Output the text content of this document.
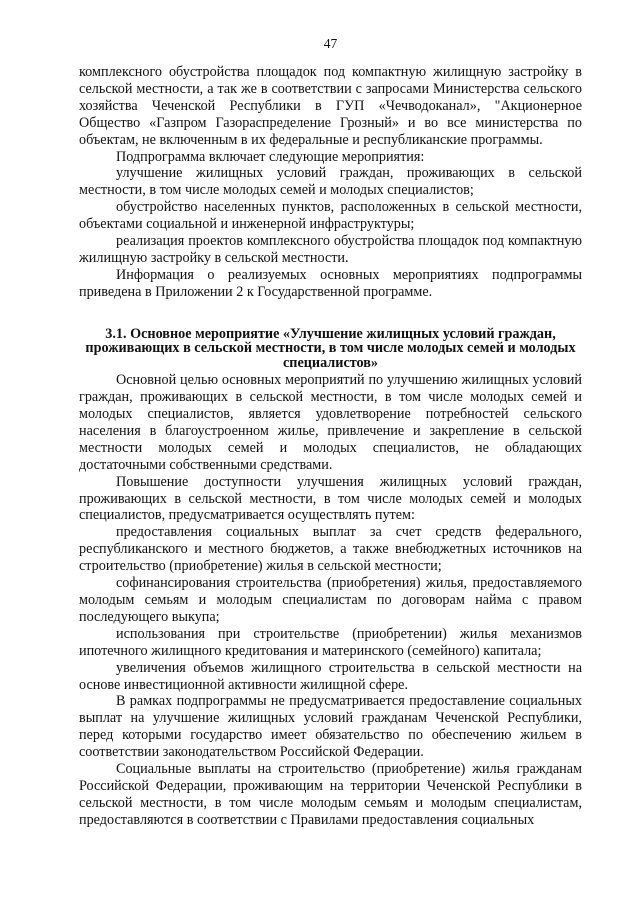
47

комплексного обустройства площадок под компактную жилищную застройку в сельской местности, а так же в соответствии с запросами Министерства сельского хозяйства Чеченской Республики в ГУП «Чечводоканал», "Акционерное Общество «Газпром Газораспределение Грозный» и во все министерства по объектам, не включенным в их федеральные и республиканские программы.

Подпрограмма включает следующие мероприятия:

улучшение жилищных условий граждан, проживающих в сельской местности, в том числе молодых семей и молодых специалистов;

обустройство населенных пунктов, расположенных в сельской местности, объектами социальной и инженерной инфраструктуры;

реализация проектов комплексного обустройства площадок под компактную жилищную застройку в сельской местности.

Информация о реализуемых основных мероприятиях подпрограммы приведена в Приложении 2 к Государственной программе.

3.1. Основное мероприятие «Улучшение жилищных условий граждан, проживающих в сельской местности, в том числе молодых семей и молодых специалистов»

Основной целью основных мероприятий по улучшению жилищных условий граждан, проживающих в сельской местности, в том числе молодых семей и молодых специалистов, является удовлетворение потребностей сельского населения в благоустроенном жилье, привлечение и закрепление в сельской местности молодых семей и молодых специалистов, не обладающих достаточными собственными средствами.

Повышение доступности улучшения жилищных условий граждан, проживающих в сельской местности, в том числе молодых семей и молодых специалистов, предусматривается осуществлять путем:

предоставления социальных выплат за счет средств федерального, республиканского и местного бюджетов, а также внебюджетных источников на строительство (приобретение) жилья в сельской местности;

софинансирования строительства (приобретения) жилья, предоставляемого молодым семьям и молодым специалистам по договорам найма с правом последующего выкупа;

использования при строительстве (приобретении) жилья механизмов ипотечного жилищного кредитования и материнского (семейного) капитала;

увеличения объемов жилищного строительства в сельской местности на основе инвестиционной активности жилищной сфере.

В рамках подпрограммы не предусматривается предоставление социальных выплат на улучшение жилищных условий гражданам Чеченской Республики, перед которыми государство имеет обязательство по обеспечению жильем в соответствии законодательством Российской Федерации.

Социальные выплаты на строительство (приобретение) жилья гражданам Российской Федерации, проживающим на территории Чеченской Республики в сельской местности, в том числе молодым семьям и молодым специалистам, предоставляются в соответствии с Правилами предоставления социальных
